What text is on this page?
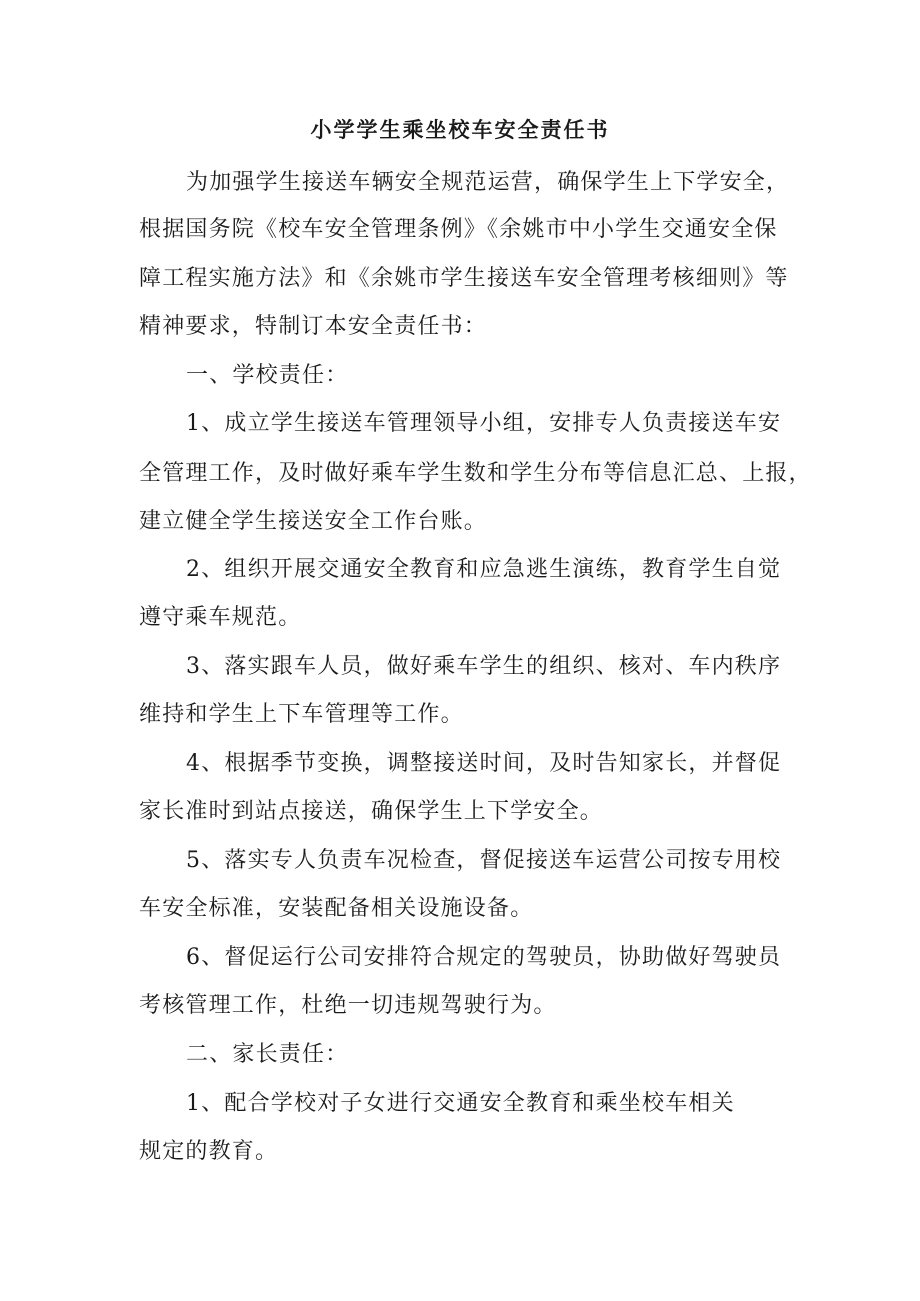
小学学生乘坐校车安全责任书

为加强学生接送车辆安全规范运营，确保学生上下学安全，

根据国务院《校车安全管理条例》《余姚市中小学生交通安全保

障工程实施方法》和《余姚市学生接送车安全管理考核细则》等

精神要求，特制订本安全责任书：

一、学校责任：

1、成立学生接送车管理领导小组，安排专人负责接送车安

全管理工作，及时做好乘车学生数和学生分布等信息汇总、上报，

建立健全学生接送安全工作台账。

2、组织开展交通安全教育和应急逃生演练，教育学生自觉

遵守乘车规范。

3、落实跟车人员，做好乘车学生的组织、核对、车内秩序

维持和学生上下车管理等工作。

4、根据季节变换，调整接送时间，及时告知家长，并督促

家长准时到站点接送，确保学生上下学安全。

5、落实专人负责车况检查，督促接送车运营公司按专用校

车安全标准，安装配备相关设施设备。

6、督促运行公司安排符合规定的驾驶员，协助做好驾驶员

考核管理工作，杜绝一切违规驾驶行为。

二、家长责任：

1、配合学校对子女进行交通安全教育和乘坐校车相关

规定的教育。
